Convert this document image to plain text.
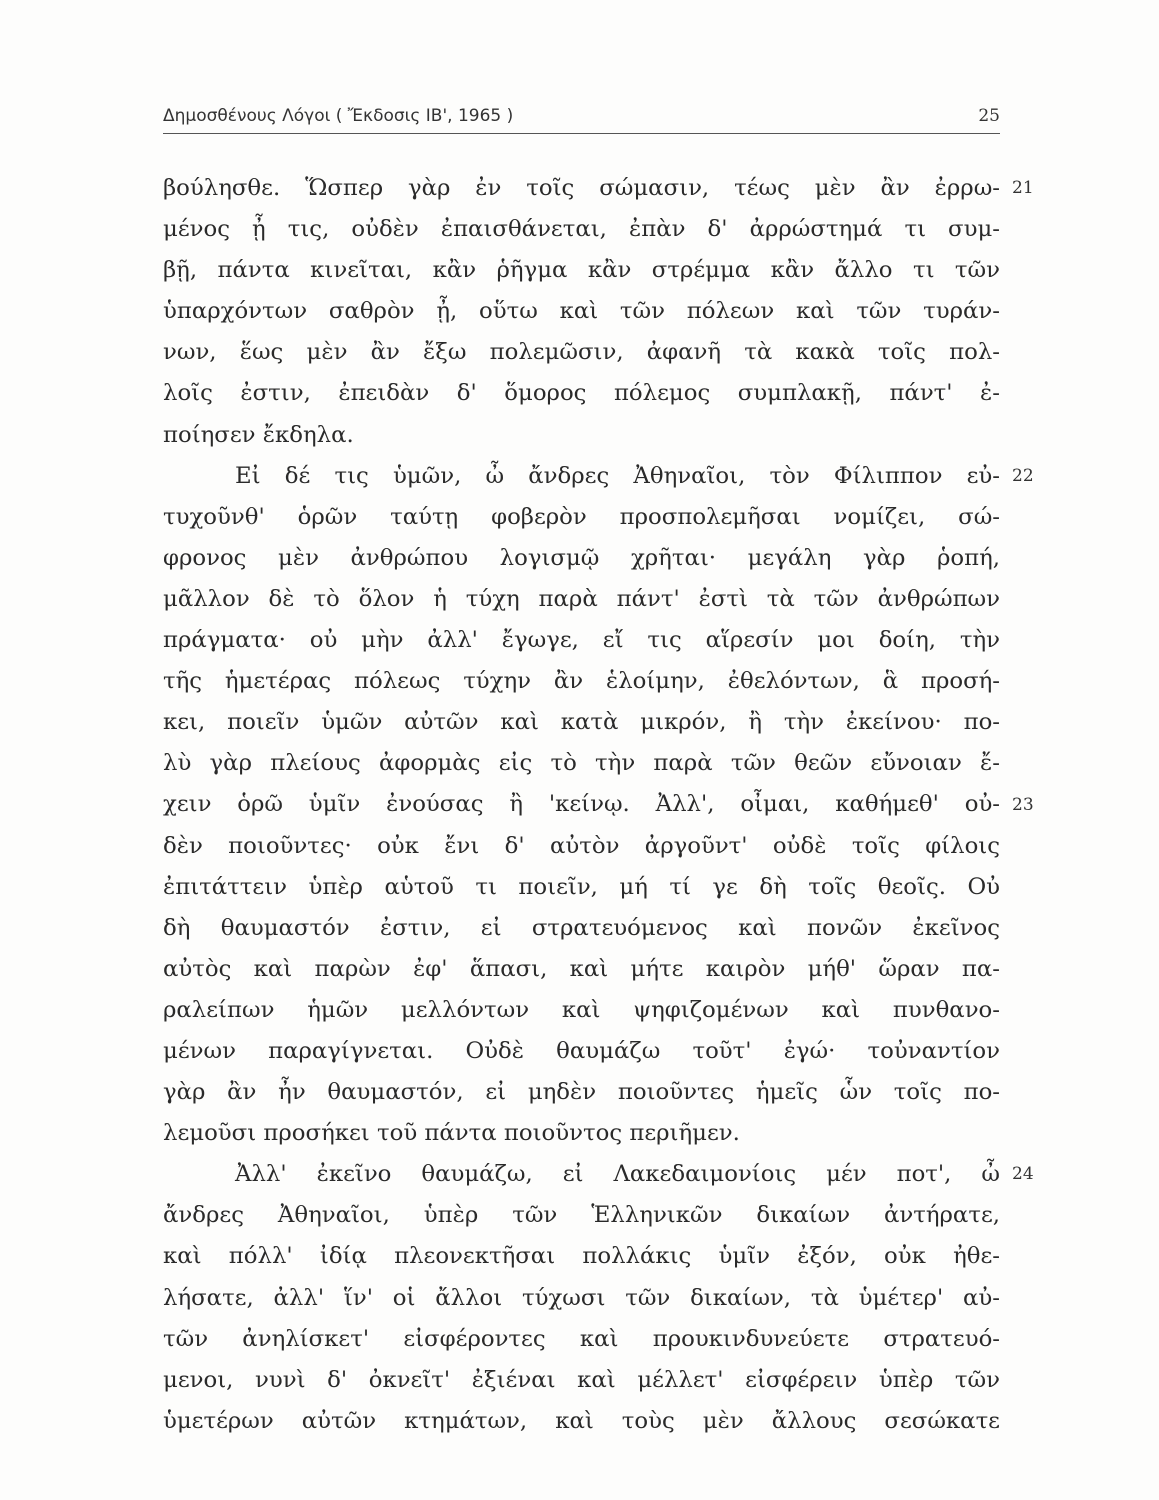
Δημοσθένους Λόγοι ( Ἔκδοσις ΙΒ', 1965 )	25
βούλησθε. Ὥσπερ γὰρ ἐν τοῖς σώμασιν, τέως μὲν ἂν ἐρρω-
μένος ᾖ τις, οὐδὲν ἐπαισθάνεται, ἐπὰν δ' ἀρρώστημά τι συμ-
βῇ, πάντα κινεῖται, κἂν ῥῆγμα κἂν στρέμμα κἂν ἄλλο τι τῶν
ὑπαρχόντων σαθρὸν ᾖ, οὕτω καὶ τῶν πόλεων καὶ τῶν τυράν-
νων, ἕως μὲν ἂν ἔξω πολεμῶσιν, ἀφανῆ τὰ κακὰ τοῖς πολ-
λοῖς ἐστιν, ἐπειδὰν δ' ὅμορος πόλεμος συμπλακῇ, πάντ' ἐ-
ποίησεν ἔκδηλα.
Εἰ δέ τις ὑμῶν, ὦ ἄνδρες Ἀθηναῖοι, τὸν Φίλιππον εὐ-
τυχοῦνθ' ὁρῶν ταύτῃ φοβερὸν προσπολεμῆσαι νομίζει, σώ-
φρονος μὲν ἀνθρώπου λογισμῷ χρῆται· μεγάλη γὰρ ῥοπή,
μᾶλλον δὲ τὸ ὅλον ἡ τύχη παρὰ πάντ' ἐστὶ τὰ τῶν ἀνθρώπων
πράγματα· οὐ μὴν ἀλλ' ἔγωγε, εἴ τις αἵρεσίν μοι δοίη, τὴν
τῆς ἡμετέρας πόλεως τύχην ἂν ἑλοίμην, ἐθελόντων, ἃ προσή-
κει, ποιεῖν ὑμῶν αὐτῶν καὶ κατὰ μικρόν, ἢ τὴν ἐκείνου· πο-
λὺ γὰρ πλείους ἀφορμὰς εἰς τὸ τὴν παρὰ τῶν θεῶν εὔνοιαν ἔ-
χειν ὁρῶ ὑμῖν ἐνούσας ἢ 'κείνῳ. Ἀλλ', οἶμαι, καθήμεθ' οὐ-
δὲν ποιοῦντες· οὐκ ἔνι δ' αὐτὸν ἀργοῦντ' οὐδὲ τοῖς φίλοις
ἐπιτάττειν ὑπὲρ αὑτοῦ τι ποιεῖν, μή τί γε δὴ τοῖς θεοῖς. Οὐ
δὴ θαυμαστόν ἐστιν, εἰ στρατευόμενος καὶ πονῶν ἐκεῖνος
αὐτὸς καὶ παρὼν ἐφ' ἅπασι, καὶ μήτε καιρὸν μήθ' ὥραν πα-
ραλείπων ἡμῶν μελλόντων καὶ ψηφιζομένων καὶ πυνθανο-
μένων παραγίγνεται. Οὐδὲ θαυμάζω τοῦτ' ἐγώ· τοὐναντίον
γὰρ ἂν ἦν θαυμαστόν, εἰ μηδὲν ποιοῦντες ἡμεῖς ὧν τοῖς πο-
λεμοῦσι προσήκει τοῦ πάντα ποιοῦντος περιῆμεν.
Ἀλλ' ἐκεῖνο θαυμάζω, εἰ Λακεδαιμονίοις μέν ποτ', ὦ
ἄνδρες Ἀθηναῖοι, ὑπὲρ τῶν Ἑλληνικῶν δικαίων ἀντήρατε,
καὶ πόλλ' ἰδίᾳ πλεονεκτῆσαι πολλάκις ὑμῖν ἐξόν, οὐκ ἠθε-
λήσατε, ἀλλ' ἵν' οἱ ἄλλοι τύχωσι τῶν δικαίων, τὰ ὑμέτερ' αὐ-
τῶν ἀνηλίσκετ' εἰσφέροντες καὶ προυκινδυνεύετε στρατευό-
μενοι, νυνὶ δ' ὀκνεῖτ' ἐξιέναι καὶ μέλλετ' εἰσφέρειν ὑπὲρ τῶν
ὑμετέρων αὐτῶν κτημάτων, καὶ τοὺς μὲν ἄλλους σεσώκατε
21
22
23
24
